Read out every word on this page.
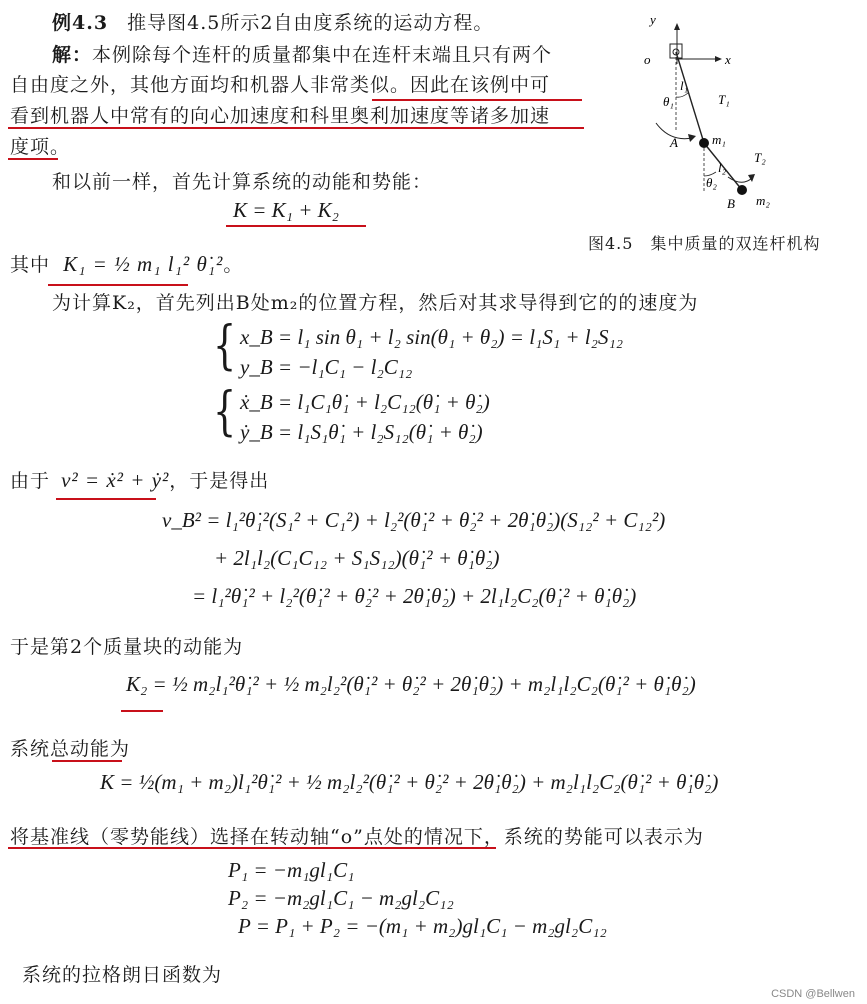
例4.3 推导图4.5所示2自由度系统的运动方程。
解：本例除每个连杆的质量都集中在连杆末端且只有两个
自由度之外，其他方面均和机器人非常类似。因此在该例中可
看到机器人中常有的向心加速度和科里奥利加速度等诸多加速
度项。
和以前一样，首先计算系统的动能和势能：
K = K₁ + K₂
y
x
o
l₁
T₁
θ₁
A	m₁
l₂
T₂
θ₂
B m₂
图4.5　集中质量的双连杆机构
其中 K₁ = ½ m₁ l₁² θ̇₁²。
为计算K₂，首先列出B处m₂的位置方程，然后对其求导得到它的的速度为
{ x_B = l₁ sin θ₁ + l₂ sin(θ₁ + θ₂) = l₁S₁ + l₂S₁₂
y_B = −l₁C₁ − l₂C₁₂
{ ẋ_B = l₁C₁θ̇₁ + l₂C₁₂(θ̇₁ + θ̇₂)
ẏ_B = l₁S₁θ̇₁ + l₂S₁₂(θ̇₁ + θ̇₂)
由于 v² = ẋ² + ẏ²，于是得出
v_B² = l₁²θ̇₁²(S₁² + C₁²) + l₂²(θ̇₁² + θ̇₂² + 2θ̇₁θ̇₂)(S₁₂² + C₁₂²)
+ 2l₁l₂(C₁C₁₂ + S₁S₁₂)(θ̇₁² + θ̇₁θ̇₂)
= l₁²θ̇₁² + l₂²(θ̇₁² + θ̇₂² + 2θ̇₁θ̇₂) + 2l₁l₂C₂(θ̇₁² + θ̇₁θ̇₂)
于是第2个质量块的动能为
K₂ = ½ m₂l₁²θ̇₁² + ½ m₂l₂²(θ̇₁² + θ̇₂² + 2θ̇₁θ̇₂) + m₂l₁l₂C₂(θ̇₁² + θ̇₁θ̇₂)
系统总动能为
K = ½(m₁ + m₂)l₁²θ̇₁² + ½ m₂l₂²(θ̇₁² + θ̇₂² + 2θ̇₁θ̇₂) + m₂l₁l₂C₂(θ̇₁² + θ̇₁θ̇₂)
将基准线（零势能线）选择在转动轴“o”点处的情况下，系统的势能可以表示为
P₁ = −m₁gl₁C₁
P₂ = −m₂gl₁C₁ − m₂gl₂C₁₂
P = P₁ + P₂ = −(m₁ + m₂)gl₁C₁ − m₂gl₂C₁₂
系统的拉格朗日函数为
CSDN @Bellwen
